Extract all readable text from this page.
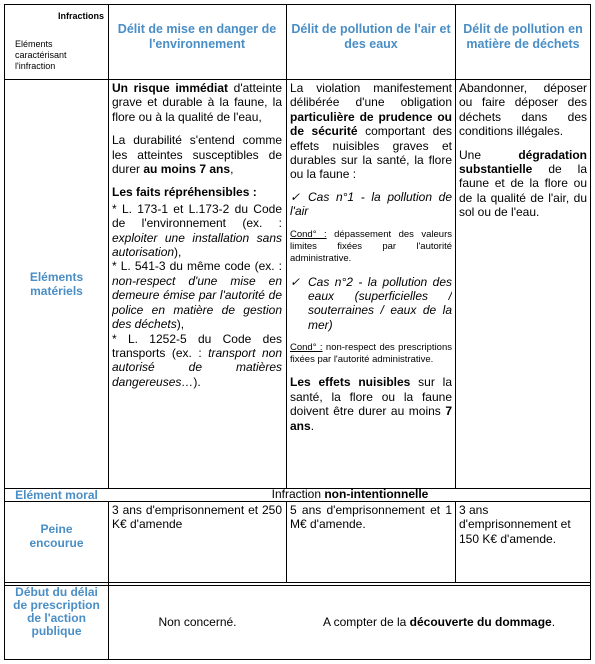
Infractions
Eléments
caractérisant
l'infraction
Délit de mise en danger de l'environnement
Délit de pollution de l'air et des eaux
Délit de pollution en matière de déchets
Eléments matériels
Elément moral
Peine encourue
Début du délai de prescription de l'action publique

Un risque immédiat d'atteinte grave et durable à la faune, la flore ou à la qualité de l'eau,

La durabilité s'entend comme les atteintes susceptibles de durer au moins 7 ans,

Les faits répréhensibles :

* L. 173-1 et L.173-2 du Code de l'environnement (ex. : exploiter une installation sans autorisation),

* L. 541-3 du même code (ex. : non-respect d'une mise en demeure émise par l'autorité de police en matière de gestion des déchets),

* L. 1252-5 du Code des transports (ex. : transport non autorisé de matières dangereuses…).

La violation manifestement délibérée d'une obligation particulière de prudence ou de sécurité comportant des effets nuisibles graves et durables sur la santé, la flore ou la faune :

✓ Cas n°1 - la pollution de l'air

Cond° : dépassement des valeurs limites fixées par l'autorité administrative.

✓ Cas n°2 - la pollution des eaux (superficielles / souterraines / eaux de la mer)

Cond° : non-respect des prescriptions fixées par l'autorité administrative.

Les effets nuisibles sur la santé, la flore ou la faune doivent être durer au moins 7 ans.

Abandonner, déposer ou faire déposer des déchets dans des conditions illégales.

Une dégradation substantielle de la faune et de la flore ou de la qualité de l'air, du sol ou de l'eau.

Infraction non-intentionnelle
3 ans d'emprisonnement et 250 K€ d'amende
5 ans d'emprisonnement et 1 M€ d'amende.
3 ans d'emprisonnement et 150 K€ d'amende.
Non concerné.	A compter de la découverte du dommage.
